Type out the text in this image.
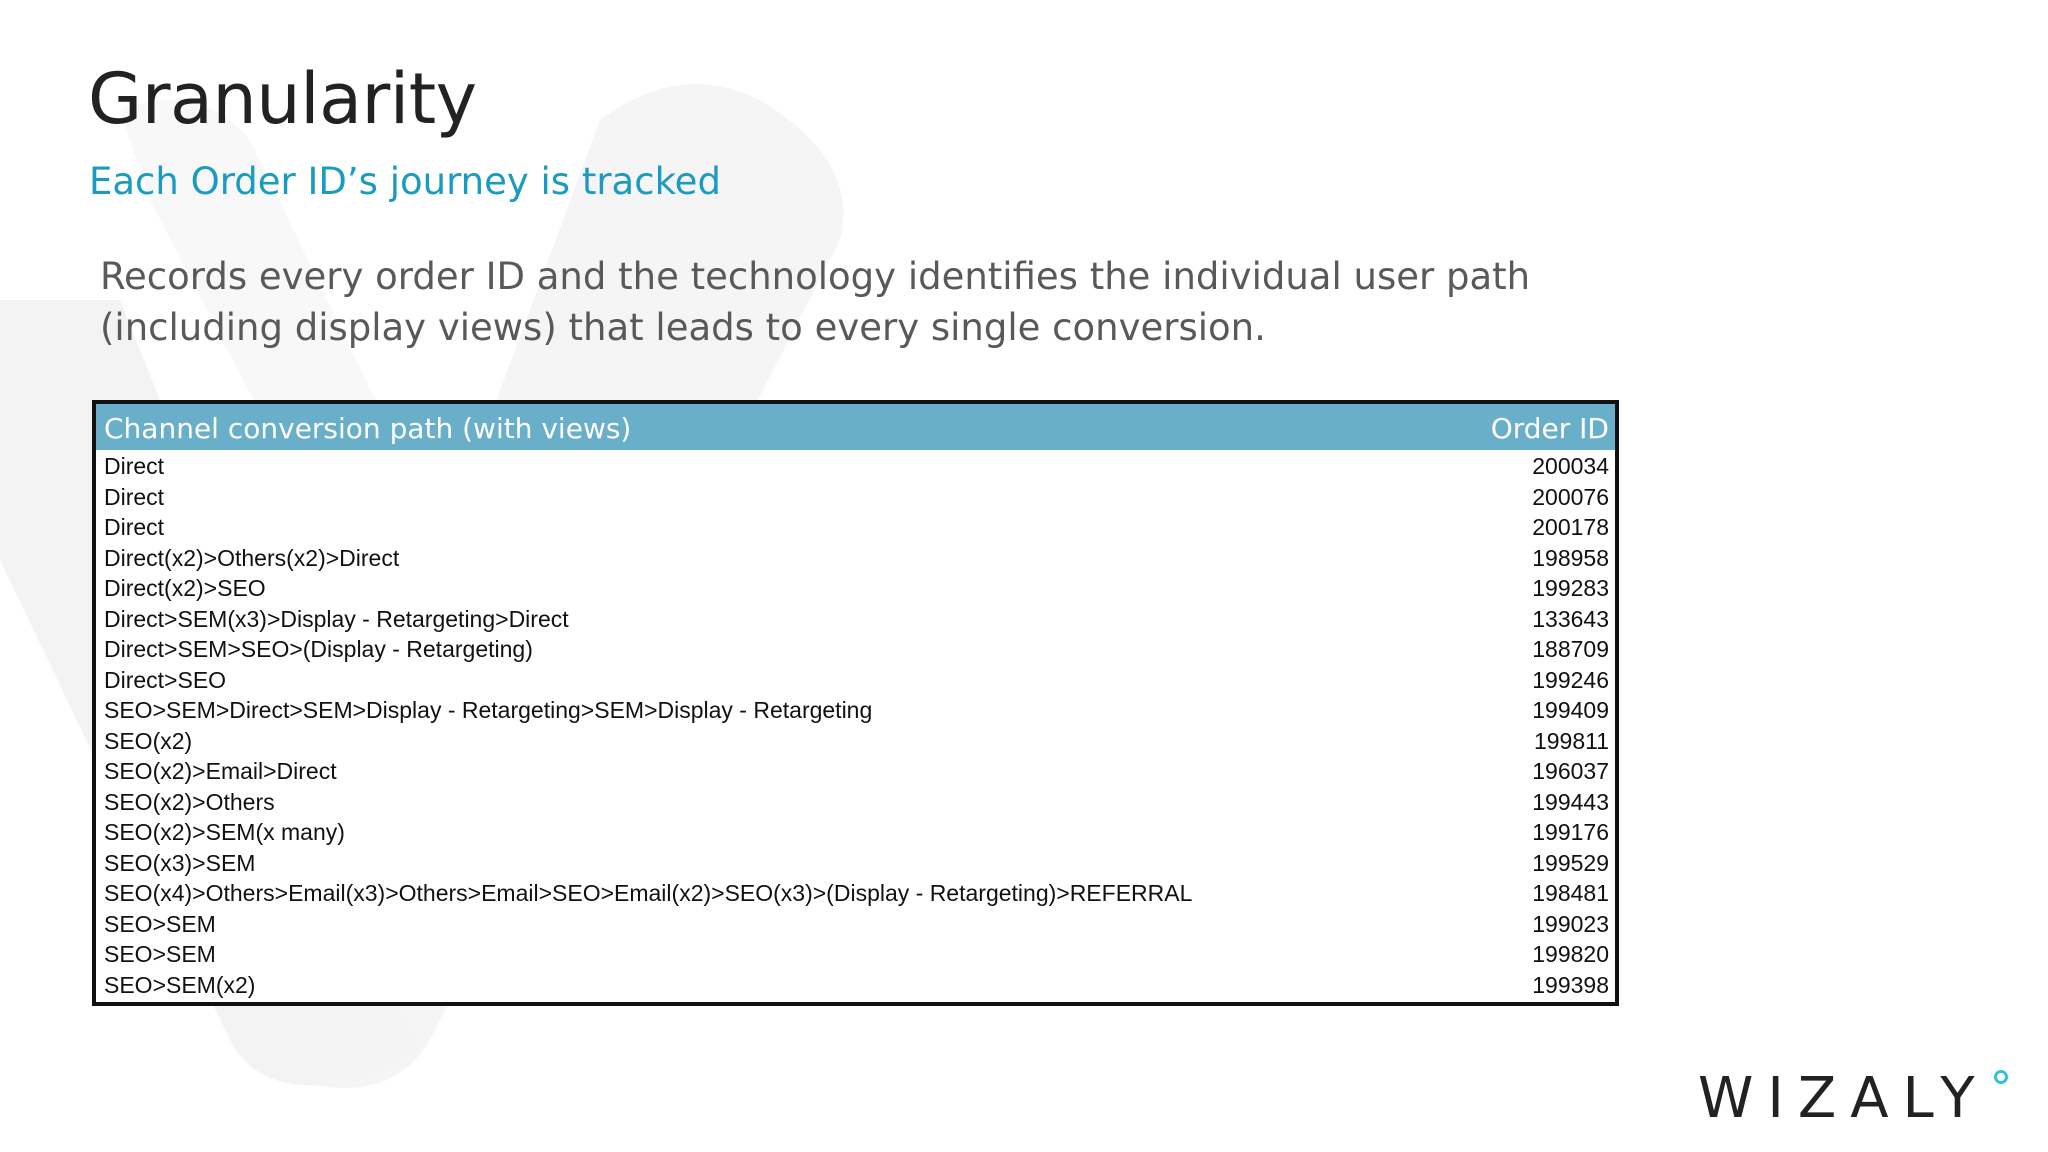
Granularity
Each Order ID’s journey is tracked
Records every order ID and the technology identifies the individual user path (including display views) that leads to every single conversion.
Channel conversion path (with views)	Order ID
Direct	200034
Direct	200076
Direct	200178
Direct(x2)>Others(x2)>Direct	198958
Direct(x2)>SEO	199283
Direct>SEM(x3)>Display - Retargeting>Direct	133643
Direct>SEM>SEO>(Display - Retargeting)	188709
Direct>SEO	199246
SEO>SEM>Direct>SEM>Display - Retargeting>SEM>Display - Retargeting	199409
SEO(x2)	199811
SEO(x2)>Email>Direct	196037
SEO(x2)>Others	199443
SEO(x2)>SEM(x many)	199176
SEO(x3)>SEM	199529
SEO(x4)>Others>Email(x3)>Others>Email>SEO>Email(x2)>SEO(x3)>(Display - Retargeting)>REFERRAL	198481
SEO>SEM	199023
SEO>SEM	199820
SEO>SEM(x2)	199398
WIZALY
